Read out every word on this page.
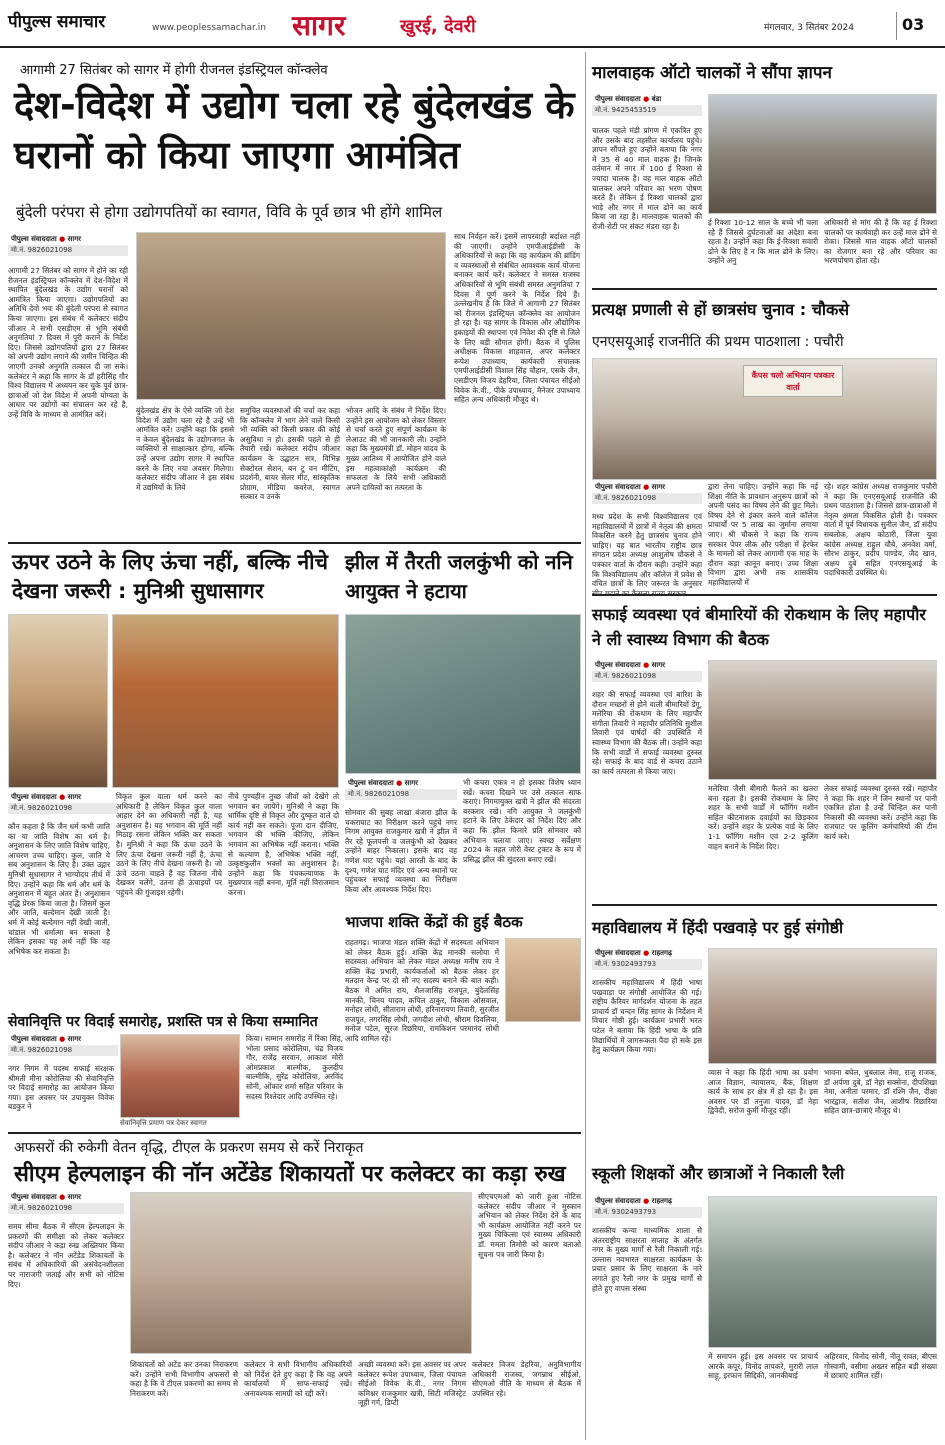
पीपुल्स समाचार	www.peoplessamachar.in सागर	खुरई, देवरी	मंगलवार, 3 सितंबर 2024	03
आगामी 27 सितंबर को सागर में होगी रीजनल इंडस्ट्रियल कॉन्क्लेव
देश-विदेश में उद्योग चला रहे बुंदेलखंड के घरानों को किया जाएगा आमंत्रित
बुंदेली परंपरा से होगा उद्योगपतियों का स्वागत, विवि के पूर्व छात्र भी होंगे शामिल
पीपुल्स संवाददाता ● सागर
मो.नं. 9826021098
आगामी 27 सितंबर को सागर में होने का रही रीजनल इंडस्ट्रियल कॉन्क्लेव में देश-विदेश में स्थापित बुंदेलखंड के उद्योग घरानों को आमंत्रित किया जाएगा। उद्योगपतियों का अतिथि देवो भवः की बुंदेली परंपरा से स्वागत किया जाएगा। इस संबंध में कलेक्टर संदीप जीआर ने सभी एसडीएम से भूमि संबंधी अनुमतियां 7 दिवस में पूरी कराने के निर्देश दिए। जिससे उद्योगपतियों द्वारा 27 सितंबर को अपनी उद्योग लगाने की जमीन चिन्हित की जाएगी उनको अनुमति तत्काल दी जा सके। कलेक्टर ने कहा कि सागर के डॉ हरीसिंह गौर विश्व विद्यालय में अध्ययन कर चुके पूर्व छात्र-छात्राओं जो देश विदेश में अपनी योग्यता के आधार पर उद्योगों का संचालन कर रहे है, उन्हें विवि के माध्यम से आमंत्रित करें।	बुंदेलखंड क्षेत्र के ऐसे व्यक्ति जो देश विदेश में उद्योग चला रहे है उन्हें भी आमंत्रित करें। उन्होंने कहा कि इससे न केवल बुंदेलखंड के उद्योगजगत के व्यक्तियों से साक्षात्कार होगा, बल्कि उन्हें अपना उद्योग सागर में स्थापित करने के लिए नया अवसर मिलेगा। कलेक्टर संदीप जीआर ने इस संबंध में उद्यमियों के लिये
समुचित व्यवस्थाओं की चर्चा कर कहा कि कॉन्क्लेव में भाग लेने वाले किसी भी व्यक्ति को किसी प्रकार की कोई असुविधा न हो। इसकी पहले से ही तैयारी रखें। कलेक्टर संदीप जीआर कार्यक्रम के उद्घाटन सत्र, विभिन्न सेक्टोरल सेशन, बन टू वन मीटिंग, प्रदर्शनी, बायर सेलर मीट, सांस्कृतिक प्रोग्राम, मीडिया कवरेज, स्वागत सत्कार व उनके
भोजन आदि के संबंध में निर्देश दिए। उन्होंने इस आयोजन को लेकर विस्तार से चर्चा करते हुए संपूर्ण कार्यक्रम के लेआउट की भी जानकारी ली। उन्होंने कहा कि मुख्यमंत्री डॉ. मोहन यादव के मुख्य आतिथ्य में आयोजित होने वाले इस महत्वाकांक्षी कार्यक्रम की सफलता के लिये सभी अधिकारी अपने दायित्वों का तत्परता के
साथ निर्वहन करें। इसमें लापरवाही बर्दाश्त नहीं की जाएगी। उन्होंने एमपीआईडीसी के अधिकारियों से कहा कि वह कार्यक्रम की ब्रांडिंग व व्यवस्थाओं से संबंधित आवश्यक कार्य योजना बनाकर कार्य करें। कलेक्टर ने समस्त राजस्व अधिकारियों से भूमि संबंधी समस्त अनुमतियां 7 दिवस में पूर्ण करने के निर्देश दिये हैं। उल्लेखनीय है कि जिले में आगामी 27 सितंबर को रीजनल इंडस्ट्रियल कॉन्क्लेव का आयोजन हो रहा है। यह सागर के विकास और औद्योगिक इकाइयों की स्थापना एवं निवेश की दृष्टि से जिले के लिए बड़ी सौगात होगी। बैठक में पुलिस अधीक्षक विकास शाहवाल, अपर कलेक्टर रूपेश उपाध्याय, कार्यकारी संचालक एमपीआईडीसी विशाल सिंह चौहान, एसके जैन, एसडीएम विजय डेहरिया, जिला पंचायत सीईओ विवेक के.वी., पीके उपाध्याय, मैनेजर उपाध्याय सहित अन्य अधिकारी मौजूद थे।
ऊपर उठने के लिए ऊंचा नहीं, बल्कि नीचे देखना जरूरी : मुनिश्री सुधासागर
पीपुल्स संवाददाता ● सागर
मो.नं. 9826021098
कौन कहता है कि जैन धर्म कभी जाति का या जाति विशेष का धर्म है। अनुशासन के लिए जाति विशेष चाहिए, आचरण उच्च चाहिए। कुल, जाति ये सब अनुशासन के लिए है। उक्त उद्गार मुनिश्री सुधासागर ने भाग्योदय तीर्थ में दिए। उन्होंने कहा कि धर्म और धर्म के अनुशासन में बहुत अंतर है। अनुशासन वृद्धि प्रेरक किया जाता है। जिसमें कुल और जाति, बल्देमान देखी जाती है। धर्म में कोई बल्देमान नहीं देखी जाती, चांडाल भी धर्मात्मा बन सकता है लेकिन इसका यह अर्थ नहीं कि वह अभिषेक कर सकता है।
विकृत कुल वाला धर्म करने का अधिकारी है लेकिन विकृत कुल वाला आहार देने का अधिकारी नहीं है, यह अनुशासन है। यह भगवान की मूर्ति नहीं मिठाइ रसना लेकिन भक्ति कर सकता है। मुनिश्री ने कहा कि ऊंचा उठने के लिए ऊंचा देखना जरूरी नहीं है, ऊंचा उठने के लिए नीचे देखना जरूरी है। जो ऊंचे उठना चाहते हैं वह जितना नीचे देखकर चलेंगे, उतना ही ऊंचाइयों पर पहुंचने की गुंजाइश रहेगी।
नीचे पुण्यहीन तुच्छ जीवों को देखेंगे तो भगवान बन जायेंगे। मुनिश्री ने कहा कि धार्मिक दृष्टि से विकृत और दुष्कृत वाले दो कार्य नहीं कर सकते। पूजा दान दीजिए, भगवान की भक्ति कीजिए, लेकिन भगवान का अभिषेक नहीं कराना। भक्ति से कल्याण है, अभिषेक भक्ति नहीं, उत्कृष्टकुलीन भक्तों का अनुशासन है। उन्होंने कहा कि पंचकल्याणक के मुख्यपात्र नहीं बनना, मूर्ति नहीं विराजमान करना।
झील में तैरती जलकुंभी को ननि आयुक्त ने हटाया
पीपुल्स संवाददाता ● सागर
मो.नं. 9826021098
सोमवार की सुबह लाखा बंजारा झील के चकराघाट का निरीक्षण करने पहुंचे नगर निगम आयुक्त राजकुमार खत्री ने झील में तैर रहे फूलपत्ती व जलकुंभी को देखकर उन्होंने बाहर निकाला। इसके बाद वह गणेश घाट पहुंचे। यहां आरती के बाद के दृश्य, गणेश घाट मंदिर एवं अन्य स्थानों पर पहुंचकर सफाई व्यवस्था का निरीक्षण किया और आवश्यक निर्देश दिए।
भी कचरा एकत्र न हो इसका विशेष ध्यान रखें। कचरा दिखने पर उसे तत्काल साफ कराएं। निगमायुक्त खत्री ने झील की संदरता बरकरार रखे। नगि आयुक्त ने जलकुंभी हटाने के लिए ठेकेदार को निर्देश दिए और कहा कि झील किनारे प्रति सोमवार को अभियान चलाया जाए। स्वच्छ सर्वेक्षण 2024 के तहत जोरी वेस्ट ट्रक्टर के रूप में प्रसिद्ध झील की सुंदरता बनाए रखें।
भाजपा शक्ति केंद्रों की हुई बैठक
राहतगढ़। भाजपा मंडल शक्ति केंद्रों में सदस्यता अभियान को लेकर बैठक हुई। शक्ति केंद्र मानकी सलोया में सदस्यता अभियान को लेकर मंडल अध्यक्ष मनीष राय ने शक्ति केंद्र प्रभारी, कार्यकर्ताओं को बैठक लेकर हर मतदान केन्द्र पर दो सौ नए सदस्य बनाने की बात कही। बैठक में अमित राय, शैलजासिंह राजपूत, बुंदेलसिंह मानकी, चिनय यादव, कपिल ठाकुर, विकास ओसवाल, मनोहर लोधी, सीताराम लोधी, हरिनारायण तिवारी, सुरजीत राजपूत, तगरसिंह लोधी, जगदीश लोधी, श्रीराम दिवलिया, मनोज पटेल, सूरज रिछरिया, रामकिशन परमानंद लोधी आदि शामिल रहे।
सेवानिवृत्ति पर विदाई समारोह, प्रशस्ति पत्र से किया सम्मानित
पीपुल्स संवाददाता ● सागर
मो.नं. 9826021098
नगर निगम में पदस्थ सफाई संरक्षक श्रीमती मीना कोरोलिया की सेवानिवृत्ति पर विदाई समारोह का आयोजन किया गया। इस अवसर पर उपायुक्त विवेक बडकुर ने
सेवानिवृत्ति प्रमाण पत्र देकर स्वागत
किया। सम्मान समारोह में रिंका सिंह, भोला प्रसाद कोरोलिया, चंद्र विजय गौर, राजेंद्र सरवान, आकाश मोरी ओमप्रकाश बाल्मीक, कुलदीप बाल्मीकि, सुरेंद्र कोरोलिया, अरविंद सोनी, ओंकार शर्मा सहित परिवार के सदस्य रिश्तेदार आदि उपस्थित रहे।
अफसरों की रुकेगी वेतन वृद्धि, टीएल के प्रकरण समय से करें निराकृत
सीएम हेल्पलाइन की नॉन अटेंडेड शिकायतों पर कलेक्टर का कड़ा रुख
पीपुल्स संवाददाता ● सागर
मो.नं. 9826021098
समय सीमा बैठक में सीएम हेल्पलाइन के प्रकरणों की समीक्षा को लेकर कलेक्टर संदीप जीआर ने कड़ा रुख अख्तियार किया है। कलेक्टर ने नॉन अटेंडेड शिकायतों के संबंध में अधिकारियों की असंवेदनशीलता पर नाराजगी जताई और सभी को नोटिस दिए।
सीएचएमओ को जारी हुआ नोटिस कलेक्टर संदीप जीआर ने मुस्कान अभियान को लेकर निर्देश देने के बाद भी कार्यक्रम आयोजित नहीं करने पर मुख्य चिकित्सा एवं स्वास्थ्य अधिकारी डॉ. ममता तिमोरी को कारण बताओ सूचना पत्र जारी किया है।
शिकायतों को अटेंड कर उनका निराकरण करें। उन्होंने सभी विभागीय अफसरों से कहा है कि वे टीएल प्रकरणों का समय से निराकरण करें।
कलेक्टर ने सभी विभागीय अधिकारियों को निर्देश देते हुए कहा है कि वह अपने कार्यालयों में साफ-सफाई रखें। अनावश्यक सामग्री को रद्दी करें।
अच्छी व्यवस्था करें। इस अवसर पर अपर कलेक्टर रूपेश उपाध्याय, जिला पंचायत सीईओ विवेक के.वी., नगर निगम कमिश्नर राजकुमार खत्री, सिटी मजिस्ट्रेट जूही गर्ग, डिप्टी
कलेक्टर विजय डेहरिया, अनुविभागीय अधिकारी राजस्व, जगन्नाथ सीईओ, सीएमओ नीति के माध्यम से बैठक में उपस्थित रहे।
मालवाहक ऑटो चालकों ने सौंपा ज्ञापन
पीपुल्स संवाददाता ● बंडा
मो.नं. 9425453519
चालक पहले मंडी प्रांगण में एकत्रित हुए और उसके बाद तहसील कार्यालय पहुंचे। ज्ञापन सौंपते हुए उन्होंने बताया कि नगर में 35 से 40 माल वाहक हैं। जिनके वर्तमान में नगर में 100 ई रिक्शा से ज्यादा चालक है। वह माल वाहक ऑटो चालकर अपने परिवार का भरण पोषण करते हैं। लेकिन ई रिक्शा चालकों द्वारा भाड़े और नगर में माल ढोने का कार्य किया जा रहा है। मालवाहक चालकों की रोजी-रोटी पर संकट मंडरा रहा है।	ई रिक्शा 10-12 साल के बच्चे भी चला रहे हैं जिससे दुर्घटनाओं का अंदेशा बना रहता है। उन्होंने कहा कि ई-रिक्शा सवारी ढोने के लिए है न कि माल ढोने के लिए। उन्होंने अनु
अधिकारी से मांग की है कि वह ई रिक्शा चालकों पर कार्यवाही कर उन्हें माल ढोने से रोका। जिससे माल वाहक ऑटो चालकों का रोजगार बना रहे और परिवार का भरणपोषण होता रहे।
प्रत्यक्ष प्रणाली से हों छात्रसंघ चुनाव : चौकसे
एनएसयूआई राजनीति की प्रथम पाठशाला : पचौरी
कैंपस चलो अभियान पत्रकार वार्ता
पीपुल्स संवाददाता ● सागर
मो.नं. 9826021098
मध्य प्रदेश के सभी विश्वविद्यालय एवं महाविद्यालयों में छात्रों में नेतृत्व की क्षमता विकसित करने हेतु छात्रसंघ चुनाव होने चाहिए। यह बात भारतीय राष्ट्रीय छात्र संगठन प्रदेश अध्यक्ष आशुतोष चौकसे ने पत्रकार वार्ता के दौरान कही। उन्होंने कहा कि विश्वविद्यालय और कॉलेज में प्रवेश से वंचित छात्रों के लिए जरूरत के अनुसार
द्वारा लेना चाहिए। उन्होंने कहा कि नई शिक्षा नीति के प्रावधान अनुरूप छात्रों को अपनी पसंद का विषय लेने की छूट मिले। विषय देने से इंकार करने वाले कॉलेज प्राचार्यों पर 5 लाख का जुर्माना लगाया जाए। श्री चौकसे ने कहा कि राज्य सरकार पेपर लीक और परीक्षा में हेरफेर के मामलों को लेकर आगामी एक माह के दौरान कड़ा कानून बनाए। उच्च शिक्षा विभाग द्वारा अभी तक शासकीय महाविद्यालयों में
रहे। शहर कांग्रेस अध्यक्ष राजकुमार पचौरी ने कहा कि एनएसयूआई राजनीति की प्रथम पाठशाला है। जिससे छात्र-छात्राओं में नेतृत्व क्षमता विकसित होती है। पत्रकार वार्ता में पूर्व विधायक सुनील जैन, डॉ संदीप सबलोक, अक्षय कोठारी, जिला युवा कांग्रेस अध्यक्ष राहुल चौबे, अनवेश वर्मा, सौरभ ठाकुर, प्रदीप पाण्डेय, जैद खान, अक्षय दुबे सहित एनएसयूआई के पदाधिकारी उपस्थित थे।
सफाई व्यवस्था एवं बीमारियों की रोकथाम के लिए महापौर ने ली स्वास्थ्य विभाग की बैठक
पीपुल्स संवाददाता ● सागर
मो.नं. 9826021098
शहर की सफाई व्यवस्था एवं बारिश के दौरान मच्छरों से होने वाली बीमारियों डेंगू, मलेरिया की रोकथाम के लिए महापौर संगीता तिवारी ने महापौर प्रतिनिधि सुशील तिवारी एवं पार्षदों की उपस्थिति में स्वास्थ्य विभाग की बैठक ली। उन्होंने कहा कि सभी वार्डों में सफाई व्यवस्था दुरुस्त रहे। सफाई के बाद वार्ड से कचरा उठाने का कार्य तत्परता से किया जाए।
मलेरिया जैसी बीमारी फैलने का खतरा बना रहता है। इसकी रोकथाम के लिए शहर के सभी वार्डों में फॉगिंग मशीन सहित कीटनाशक दवाईयों का छिड़काव करें। उन्होंने शहर के प्रत्येक वार्ड के लिए 1-1 फॉगिंग मशीन एवं 2-2 कूलिंग वाहन बनाने के निर्देश दिए।
लेकर सफाई व्यवस्था दुरुस्त रखें। महापौर ने कहा कि शहर में जिन स्थानों पर पानी एकत्रित होता है उन्हें चिन्हित कर पानी निकासी की व्यवस्था करें। उन्होंने कहा कि राजघाट पर कूलिंग कर्मचारियों की टीम कार्य करे।
महाविद्यालय में हिंदी पखवाड़े पर हुई संगोष्ठी
पीपुल्स संवाददाता ● राहतगढ़
मो.नं. 9302493793
शासकीय महाविद्यालय में हिंदी भाषा पखवाड़ा पर संगोष्ठी आयोजित की गई। राष्ट्रीय कैरियर मार्गदर्शन योजना के तहत प्राचार्य डॉ चन्दन सिंह सागर के निर्देशन में विचार गोष्ठी हुई। कार्यक्रम प्रभारी भरत पटेल ने बताया कि हिंदी भाषा के प्रति विद्यार्थियों में जागरूकता पैदा हो सके इस हेतु कार्यक्रम किया गया।
व्यास ने कहा कि हिंदी भाषा का प्रयोग आज विज्ञान, न्यायालय, बैंक, शिक्षण कार्य के साथ हर क्षेत्र में हो रहा है। इस अवसर पर डॉ तनुजा यादव, डॉ नेहा द्विवेदी, सरोज कुर्मी मौजूद रहीं।
भावना बघेल, धुबलाल नेमा, राजू राजक, डॉ अर्पणा दुबे, डॉ नेहा सक्सेना, दीपशिखा नेमा, अनीता परमार, डॉ रश्मि जैन, दीक्षा भारद्वाज, सतीश जैन, आशीष रिछारिया सहित छात्र-छात्राएं मौजूद थे।
स्कूली शिक्षकों और छात्राओं ने निकाली रैली
पीपुल्स संवाददाता ● राहतगढ़
मो.नं. 9302493793
शासकीय कन्या माध्यमिक शाला से अंतरराष्ट्रीय साक्षरता सप्ताह के अंतर्गत नगर के मुख्य मार्गों से रैली निकाली गई। उल्लास नवभारत साक्षरता कार्यक्रम के प्रचार प्रसार के लिए साक्षरता के नारे लगाते हुए रैली नगर के प्रमुख मार्गों से होते हुए वापस संस्था
में समापन हुई। इस अवसर पर प्राचार्य आरके कपूर, विनोद तापकरे, मुरारी लाल साहू, इरफान सिद्दिकी, जानकीबाई
अहिरवार, विनोद सोनी, नीतू रावत, बीएस गोस्वामी, वसीमा अख्तर सहित बड़ी संख्या में छात्राएं शामिल रहीं।
